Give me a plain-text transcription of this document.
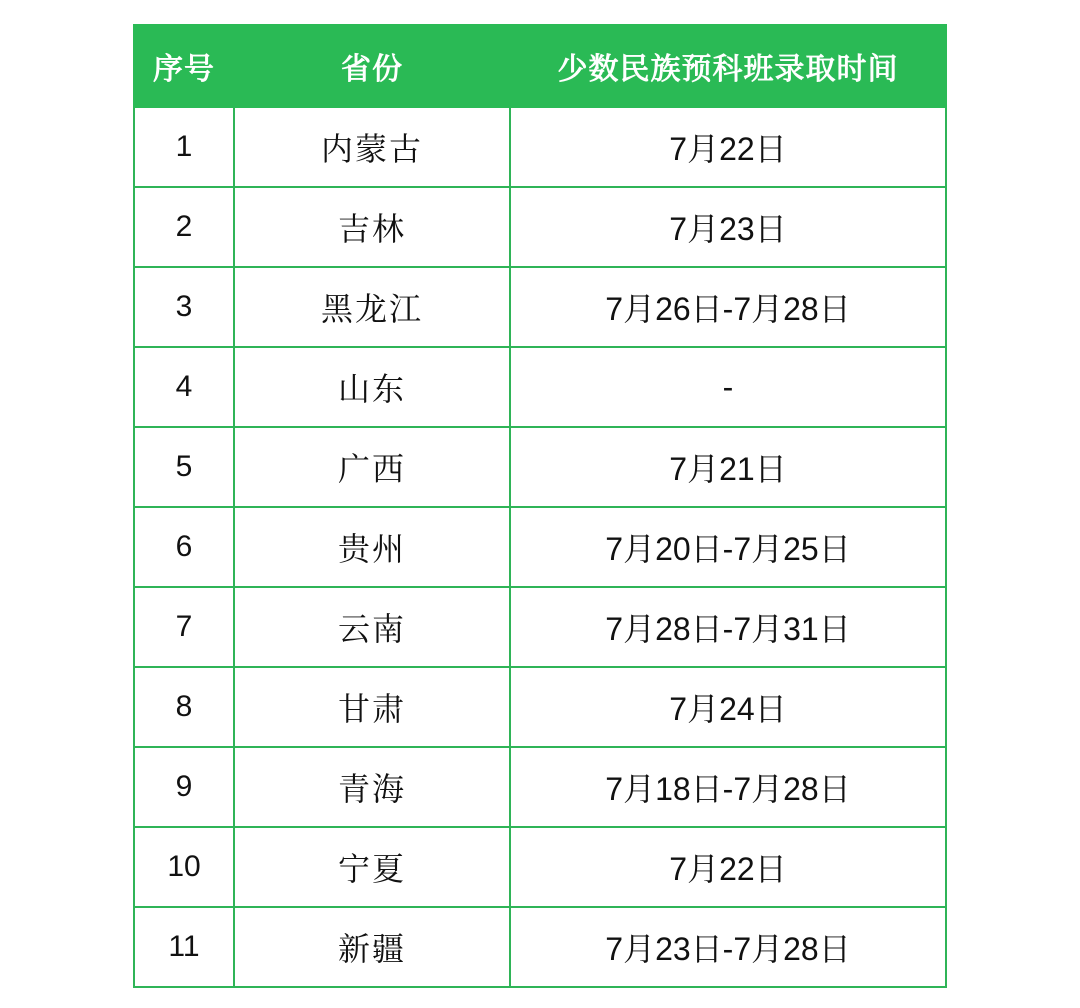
序号	省份	少数民族预科班录取时间
1	内蒙古	7月22日
2	吉林	7月23日
3	黑龙江	7月26日-7月28日
4	山东	-
5	广西	7月21日
6	贵州	7月20日-7月25日
7	云南	7月28日-7月31日
8	甘肃	7月24日
9	青海	7月18日-7月28日
10	宁夏	7月22日
11	新疆	7月23日-7月28日
